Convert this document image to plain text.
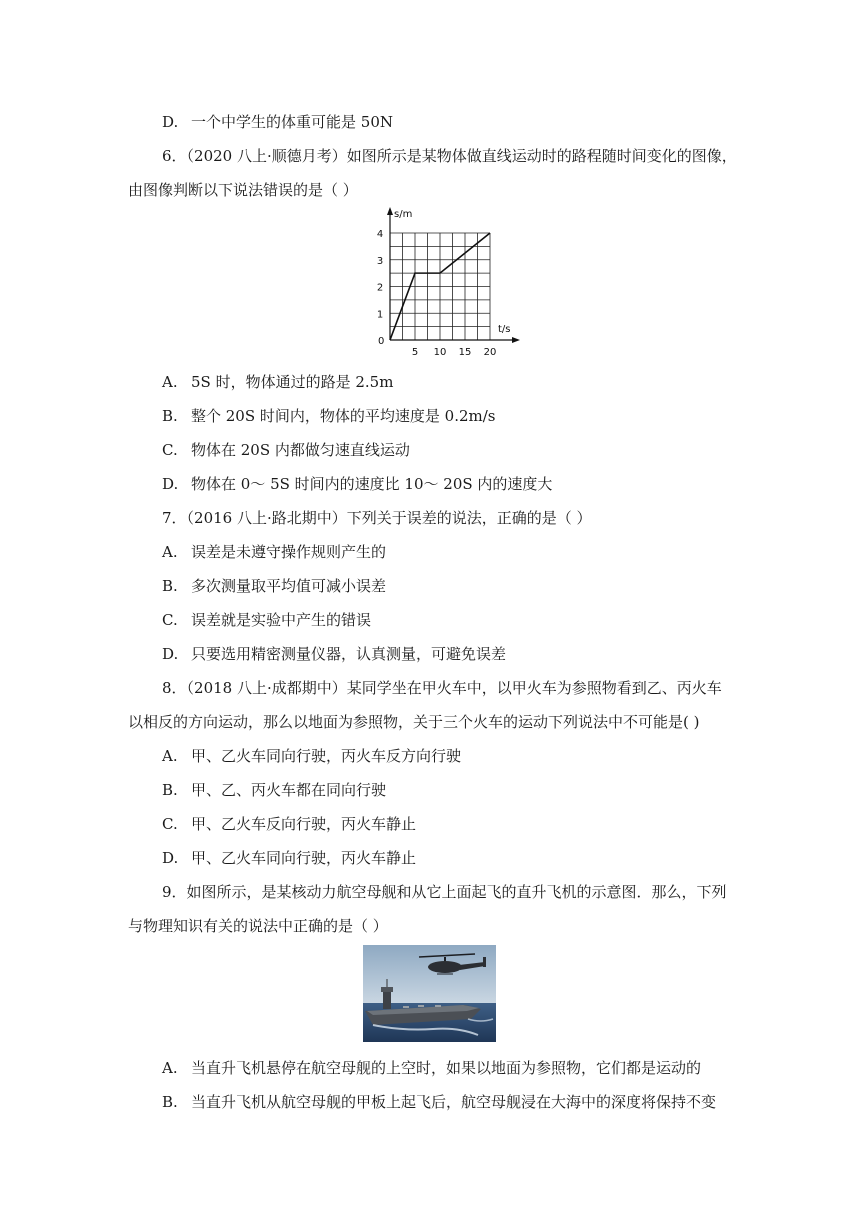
D. 一个中学生的体重可能是 50N
6．（2020 八上·顺德月考）如图所示是某物体做直线运动时的路程随时间变化的图像，
由图像判断以下说法错误的是（ ）
t/s
s/m
0
5 10 15 20
1
2
3
4
A. 5S 时，物体通过的路是 2.5m
B. 整个 20S 时间内，物体的平均速度是 0.2m/s
C. 物体在 20S 内都做匀速直线运动
D. 物体在 0～ 5S 时间内的速度比 10～ 20S 内的速度大
7．（2016 八上·路北期中）下列关于误差的说法，正确的是（ ）
A. 误差是未遵守操作规则产生的
B. 多次测量取平均值可减小误差
C. 误差就是实验中产生的错误
D. 只要选用精密测量仪器，认真测量，可避免误差
8．（2018 八上·成都期中）某同学坐在甲火车中，以甲火车为参照物看到乙、丙火车
以相反的方向运动，那么以地面为参照物，关于三个火车的运动下列说法中不可能是( )
A. 甲、乙火车同向行驶，丙火车反方向行驶
B. 甲、乙、丙火车都在同向行驶
C. 甲、乙火车反向行驶，丙火车静止
D. 甲、乙火车同向行驶，丙火车静止
9．如图所示，是某核动力航空母舰和从它上面起飞的直升飞机的示意图．那么，下列
与物理知识有关的说法中正确的是（ ）
A. 当直升飞机悬停在航空母舰的上空时，如果以地面为参照物，它们都是运动的
B. 当直升飞机从航空母舰的甲板上起飞后，航空母舰浸在大海中的深度将保持不变
